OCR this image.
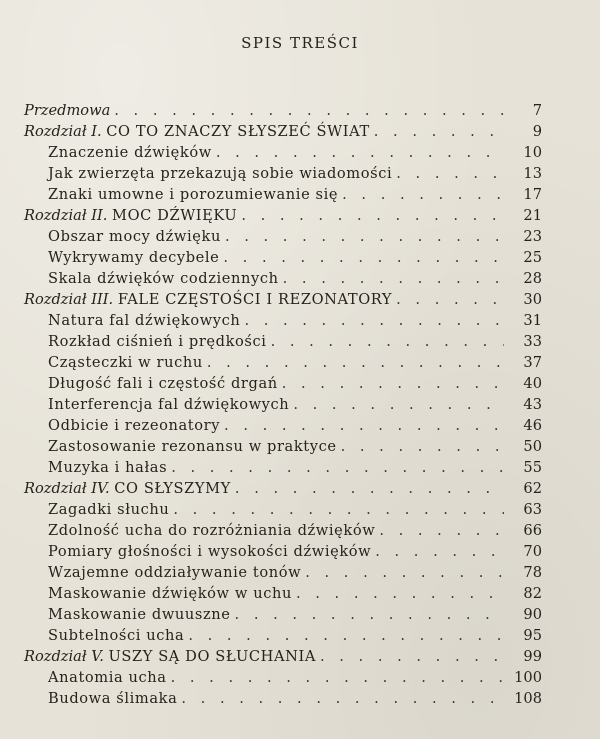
SPIS TREŚCI
Przedmowa . . .	7
Rozdział I. CO TO ZNACZY SŁYSZEĆ ŚWIAT . . .	9
Znaczenie dźwięków . . .	10
Jak zwierzęta przekazują sobie wiadomości . . .	13
Znaki umowne i porozumiewanie się . . .	17
Rozdział II. MOC DŹWIĘKU . . .	21
Obszar mocy dźwięku . . .	23
Wykrywamy decybele . . .	25
Skala dźwięków codziennych . . .	28
Rozdział III. FALE CZĘSTOŚCI I REZONATORY . . .	30
Natura fal dźwiękowych . . .	31
Rozkład ciśnień i prędkości . . .	33
Cząsteczki w ruchu . . .	37
Długość fali i częstość drgań . . .	40
Interferencja fal dźwiękowych . . .	43
Odbicie i rezeonatory . . .	46
Zastosowanie rezonansu w praktyce . . .	50
Muzyka i hałas . . .	55
Rozdział IV. CO SŁYSZYMY . . .	62
Zagadki słuchu . . .	63
Zdolność ucha do rozróżniania dźwięków . . .	66
Pomiary głośności i wysokości dźwięków . . .	70
Wzajemne oddziaływanie tonów . . .	78
Maskowanie dźwięków w uchu . . .	82
Maskowanie dwuuszne . . .	90
Subtelności ucha . . .	95
Rozdział V. USZY SĄ DO SŁUCHANIA . . .	99
Anatomia ucha . . .	100
Budowa ślimaka . . .	108
